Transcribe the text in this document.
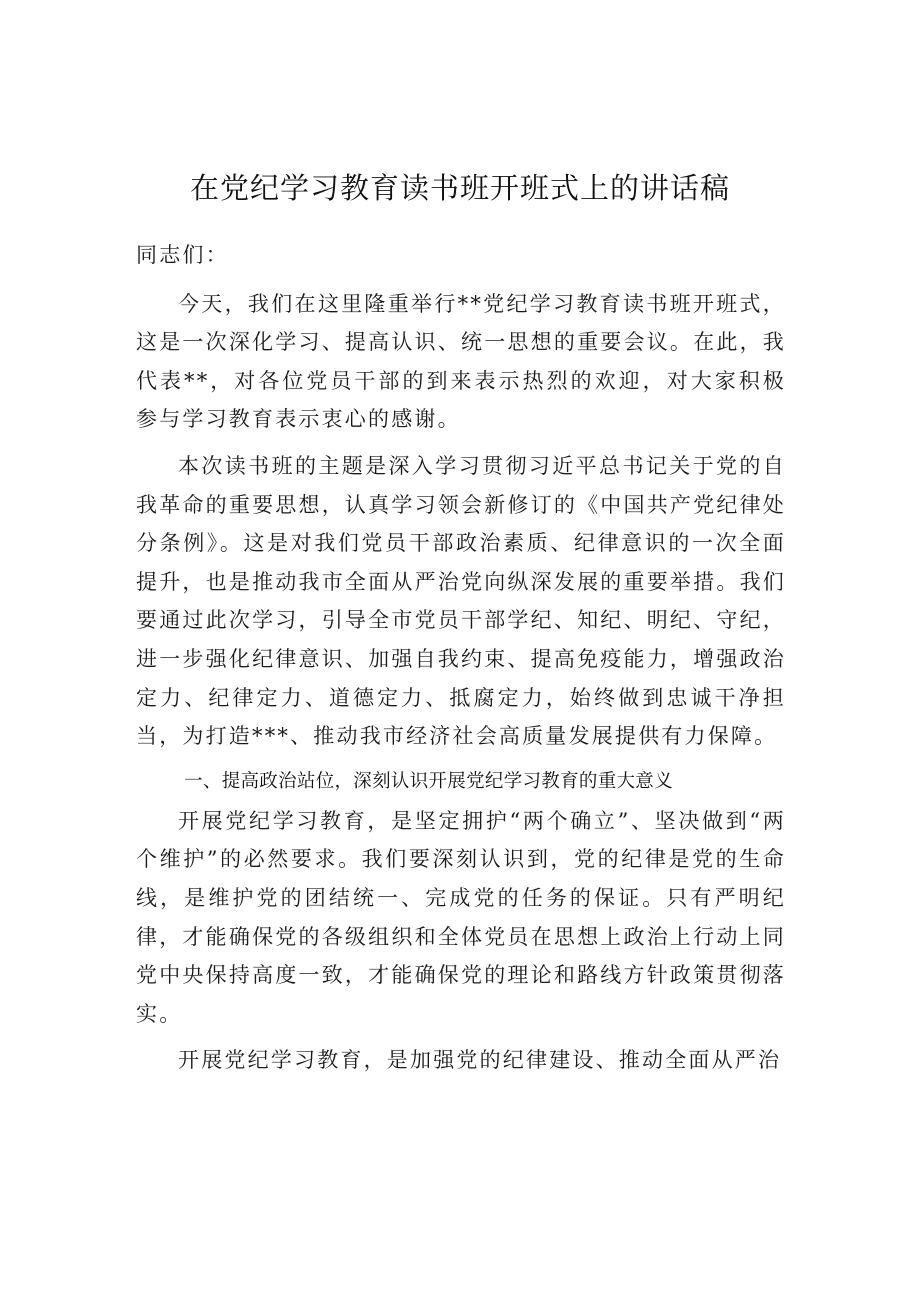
在党纪学习教育读书班开班式上的讲话稿

同志们：

今天，我们在这里隆重举行**党纪学习教育读书班开班式，这是一次深化学习、提高认识、统一思想的重要会议。在此，我代表**，对各位党员干部的到来表示热烈的欢迎，对大家积极参与学习教育表示衷心的感谢。

本次读书班的主题是深入学习贯彻习近平总书记关于党的自我革命的重要思想，认真学习领会新修订的《中国共产党纪律处分条例》。这是对我们党员干部政治素质、纪律意识的一次全面提升，也是推动我市全面从严治党向纵深发展的重要举措。我们要通过此次学习，引导全市党员干部学纪、知纪、明纪、守纪，进一步强化纪律意识、加强自我约束、提高免疫能力，增强政治定力、纪律定力、道德定力、抵腐定力，始终做到忠诚干净担当，为打造***、推动我市经济社会高质量发展提供有力保障。

一、提高政治站位，深刻认识开展党纪学习教育的重大意义

开展党纪学习教育，是坚定拥护“两个确立”、坚决做到“两个维护”的必然要求。我们要深刻认识到，党的纪律是党的生命线，是维护党的团结统一、完成党的任务的保证。只有严明纪律，才能确保党的各级组织和全体党员在思想上政治上行动上同党中央保持高度一致，才能确保党的理论和路线方针政策贯彻落实。

开展党纪学习教育，是加强党的纪律建设、推动全面从严治
